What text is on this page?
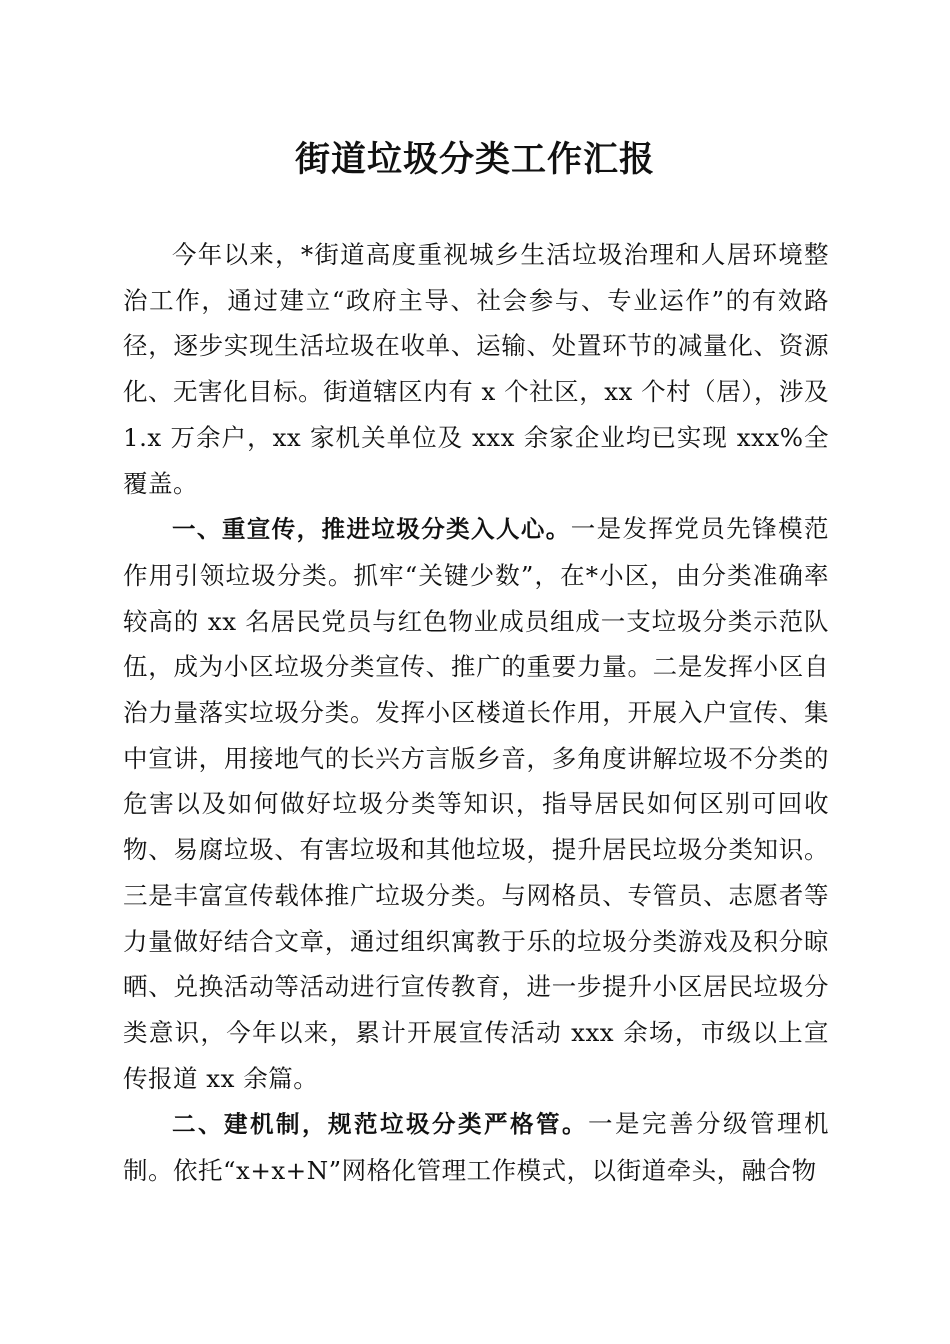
街道垃圾分类工作汇报

今年以来，*街道高度重视城乡生活垃圾治理和人居环境整治工作，通过建立“政府主导、社会参与、专业运作”的有效路径，逐步实现生活垃圾在收单、运输、处置环节的减量化、资源化、无害化目标。街道辖区内有 x 个社区，xx 个村（居），涉及 1.x 万余户，xx 家机关单位及 xxx 余家企业均已实现 xxx%全覆盖。

一、重宣传，推进垃圾分类入人心。一是发挥党员先锋模范作用引领垃圾分类。抓牢“关键少数”，在*小区，由分类准确率较高的 xx 名居民党员与红色物业成员组成一支垃圾分类示范队伍，成为小区垃圾分类宣传、推广的重要力量。二是发挥小区自治力量落实垃圾分类。发挥小区楼道长作用，开展入户宣传、集中宣讲，用接地气的长兴方言版乡音，多角度讲解垃圾不分类的危害以及如何做好垃圾分类等知识，指导居民如何区别可回收物、易腐垃圾、有害垃圾和其他垃圾，提升居民垃圾分类知识。三是丰富宣传载体推广垃圾分类。与网格员、专管员、志愿者等力量做好结合文章，通过组织寓教于乐的垃圾分类游戏及积分晾晒、兑换活动等活动进行宣传教育，进一步提升小区居民垃圾分类意识，今年以来，累计开展宣传活动 xxx 余场，市级以上宣传报道 xx 余篇。

二、建机制，规范垃圾分类严格管。一是完善分级管理机制。依托“x+x+N”网格化管理工作模式，以街道牵头，融合物
